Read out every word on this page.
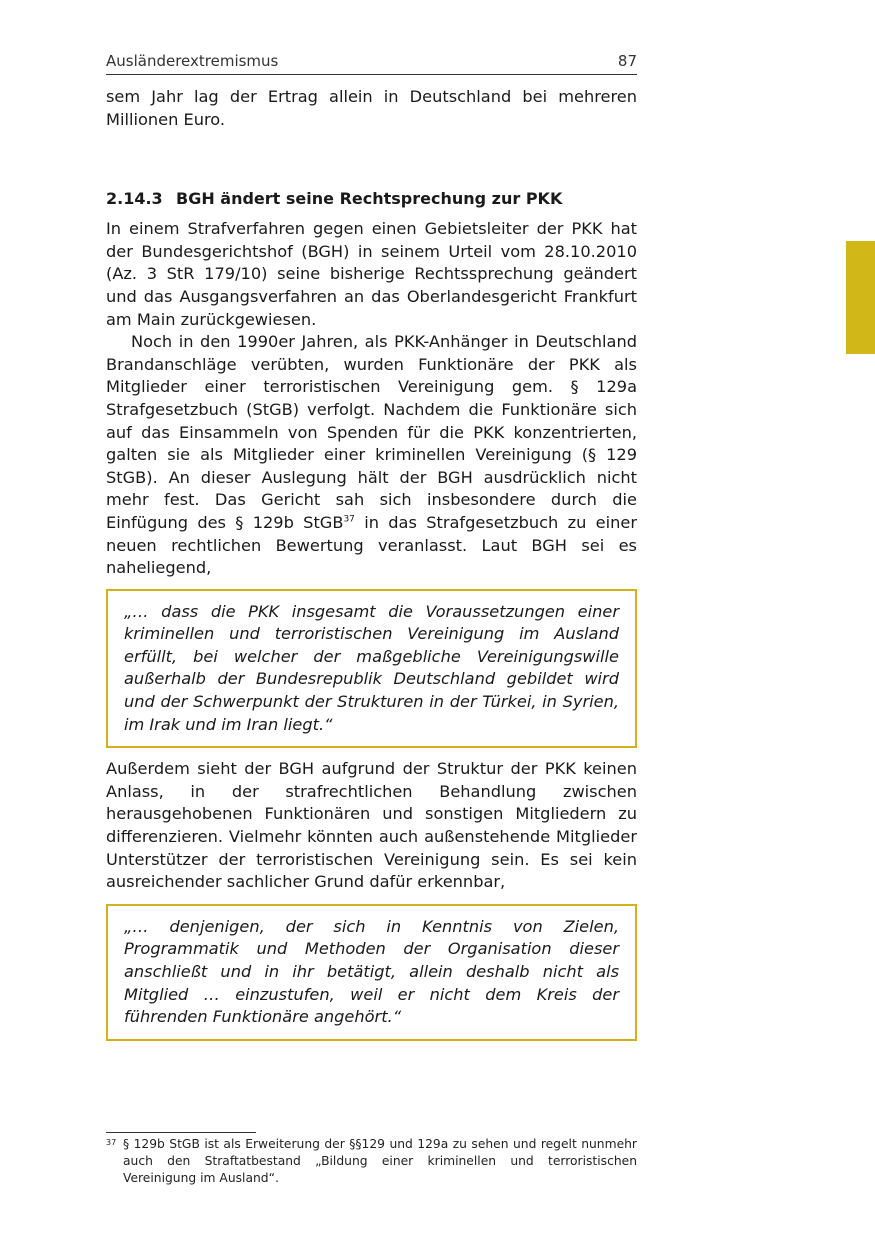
Ausländerextremismus	87

sem Jahr lag der Ertrag allein in Deutschland bei mehreren Millionen Euro.

2.14.3 BGH ändert seine Rechtsprechung zur PKK

In einem Strafverfahren gegen einen Gebietsleiter der PKK hat der Bundesgerichtshof (BGH) in seinem Urteil vom 28.10.2010 (Az. 3 StR 179/10) seine bisherige Rechtssprechung geändert und das Ausgangsverfahren an das Oberlandesgericht Frankfurt am Main zurückgewiesen.

Noch in den 1990er Jahren, als PKK-Anhänger in Deutschland Brandanschläge verübten, wurden Funktionäre der PKK als Mitglieder einer terroristischen Vereinigung gem. § 129a Strafgesetzbuch (StGB) verfolgt. Nachdem die Funktionäre sich auf das Einsammeln von Spenden für die PKK konzentrierten, galten sie als Mitglieder einer kriminellen Vereinigung (§ 129 StGB). An dieser Auslegung hält der BGH ausdrücklich nicht mehr fest. Das Gericht sah sich insbesondere durch die Einfügung des § 129b StGB$^{37}$ in das Strafgesetzbuch zu einer neuen rechtlichen Bewertung veranlasst. Laut BGH sei es naheliegend,

„… dass die PKK insgesamt die Voraussetzungen einer kriminellen und terroristischen Vereinigung im Ausland erfüllt, bei welcher der maßgebliche Vereinigungswille außerhalb der Bundesrepublik Deutschland gebildet wird und der Schwerpunkt der Strukturen in der Türkei, in Syrien, im Irak und im Iran liegt.“

Außerdem sieht der BGH aufgrund der Struktur der PKK keinen Anlass, in der strafrechtlichen Behandlung zwischen herausgehobenen Funktionären und sonstigen Mitgliedern zu differenzieren. Vielmehr könnten auch außenstehende Mitglieder Unterstützer der terroristischen Vereinigung sein. Es sei kein ausreichender sachlicher Grund dafür erkennbar,

„… denjenigen, der sich in Kenntnis von Zielen, Programmatik und Methoden der Organisation dieser anschließt und in ihr betätigt, allein deshalb nicht als Mitglied … einzustufen, weil er nicht dem Kreis der führenden Funktionäre angehört.“
37 § 129b StGB ist als Erweiterung der §§129 und 129a zu sehen und regelt nunmehr auch den Straftatbestand „Bildung einer kriminellen und terroristischen Vereinigung im Ausland“.
